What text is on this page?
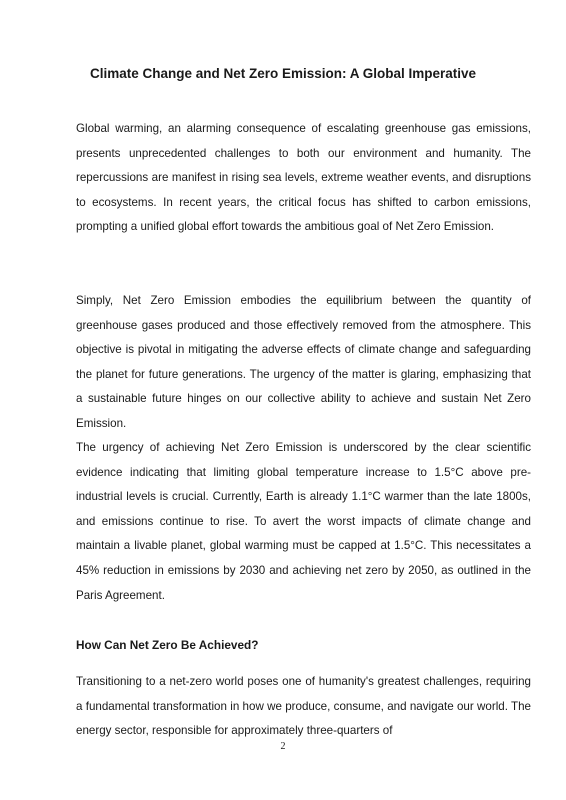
Climate Change and Net Zero Emission: A Global Imperative

Global warming, an alarming consequence of escalating greenhouse gas emissions, presents unprecedented challenges to both our environment and humanity. The repercussions are manifest in rising sea levels, extreme weather events, and disruptions to ecosystems. In recent years, the critical focus has shifted to carbon emissions, prompting a unified global effort towards the ambitious goal of Net Zero Emission.

Simply, Net Zero Emission embodies the equilibrium between the quantity of greenhouse gases produced and those effectively removed from the atmosphere. This objective is pivotal in mitigating the adverse effects of climate change and safeguarding the planet for future generations. The urgency of the matter is glaring, emphasizing that a sustainable future hinges on our collective ability to achieve and sustain Net Zero Emission.

The urgency of achieving Net Zero Emission is underscored by the clear scientific evidence indicating that limiting global temperature increase to 1.5°C above pre-industrial levels is crucial. Currently, Earth is already 1.1°C warmer than the late 1800s, and emissions continue to rise. To avert the worst impacts of climate change and maintain a livable planet, global warming must be capped at 1.5°C. This necessitates a 45% reduction in emissions by 2030 and achieving net zero by 2050, as outlined in the Paris Agreement.

How Can Net Zero Be Achieved?

Transitioning to a net-zero world poses one of humanity's greatest challenges, requiring a fundamental transformation in how we produce, consume, and navigate our world. The energy sector, responsible for approximately three-quarters of

2
